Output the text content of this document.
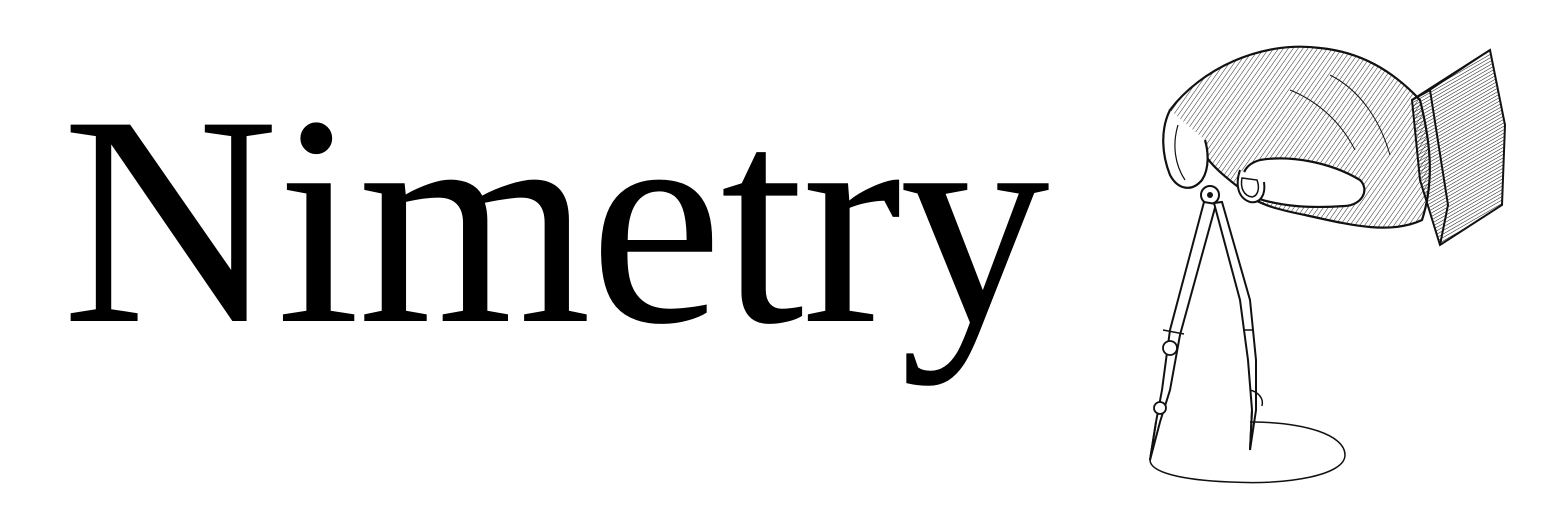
Nimetry
